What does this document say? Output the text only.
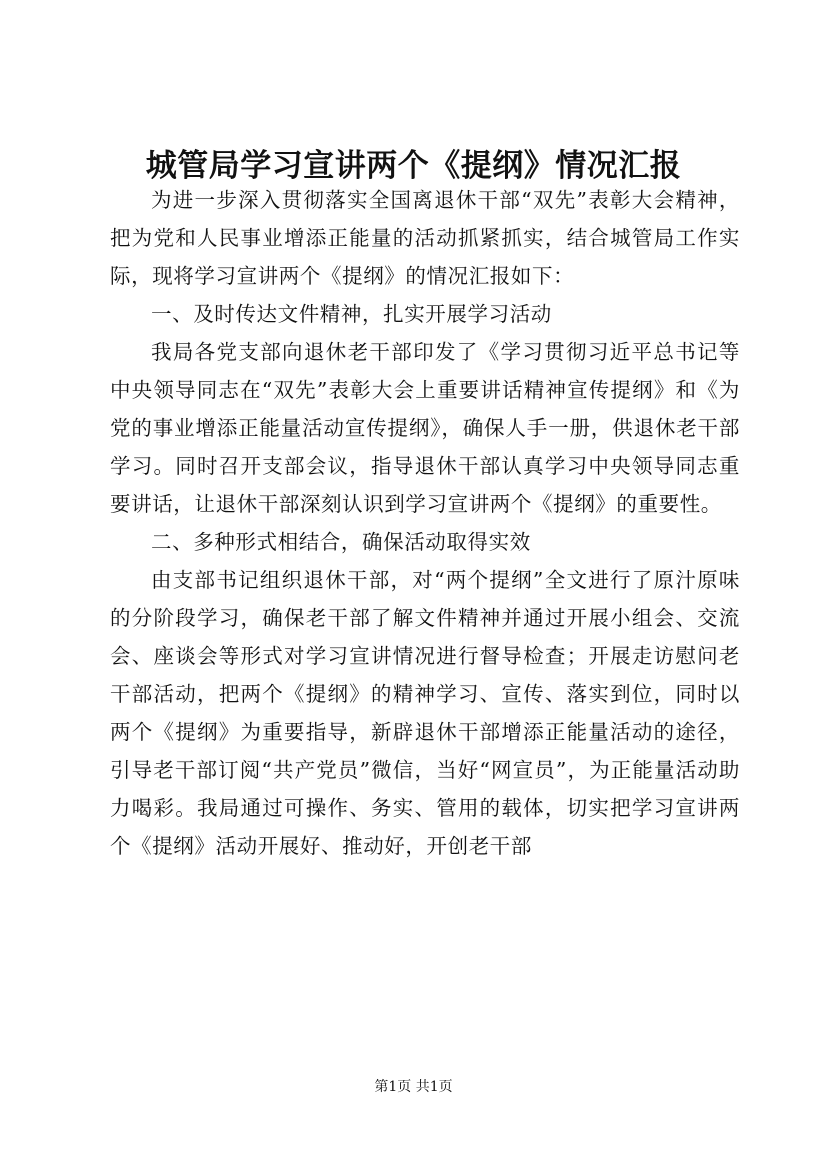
城管局学习宣讲两个《提纲》情况汇报

为进一步深入贯彻落实全国离退休干部“双先”表彰大会精神，把为党和人民事业增添正能量的活动抓紧抓实，结合城管局工作实际，现将学习宣讲两个《提纲》的情况汇报如下：

一、及时传达文件精神，扎实开展学习活动

我局各党支部向退休老干部印发了《学习贯彻习近平总书记等中央领导同志在“双先”表彰大会上重要讲话精神宣传提纲》和《为党的事业增添正能量活动宣传提纲》，确保人手一册，供退休老干部学习。同时召开支部会议，指导退休干部认真学习中央领导同志重要讲话，让退休干部深刻认识到学习宣讲两个《提纲》的重要性。

二、多种形式相结合，确保活动取得实效

由支部书记组织退休干部，对“两个提纲”全文进行了原汁原味的分阶段学习，确保老干部了解文件精神并通过开展小组会、交流会、座谈会等形式对学习宣讲情况进行督导检查；开展走访慰问老干部活动，把两个《提纲》的精神学习、宣传、落实到位，同时以两个《提纲》为重要指导，新辟退休干部增添正能量活动的途径，引导老干部订阅“共产党员”微信，当好“网宣员”，为正能量活动助力喝彩。我局通过可操作、务实、管用的载体，切实把学习宣讲两个《提纲》活动开展好、推动好，开创老干部

第1页 共1页
